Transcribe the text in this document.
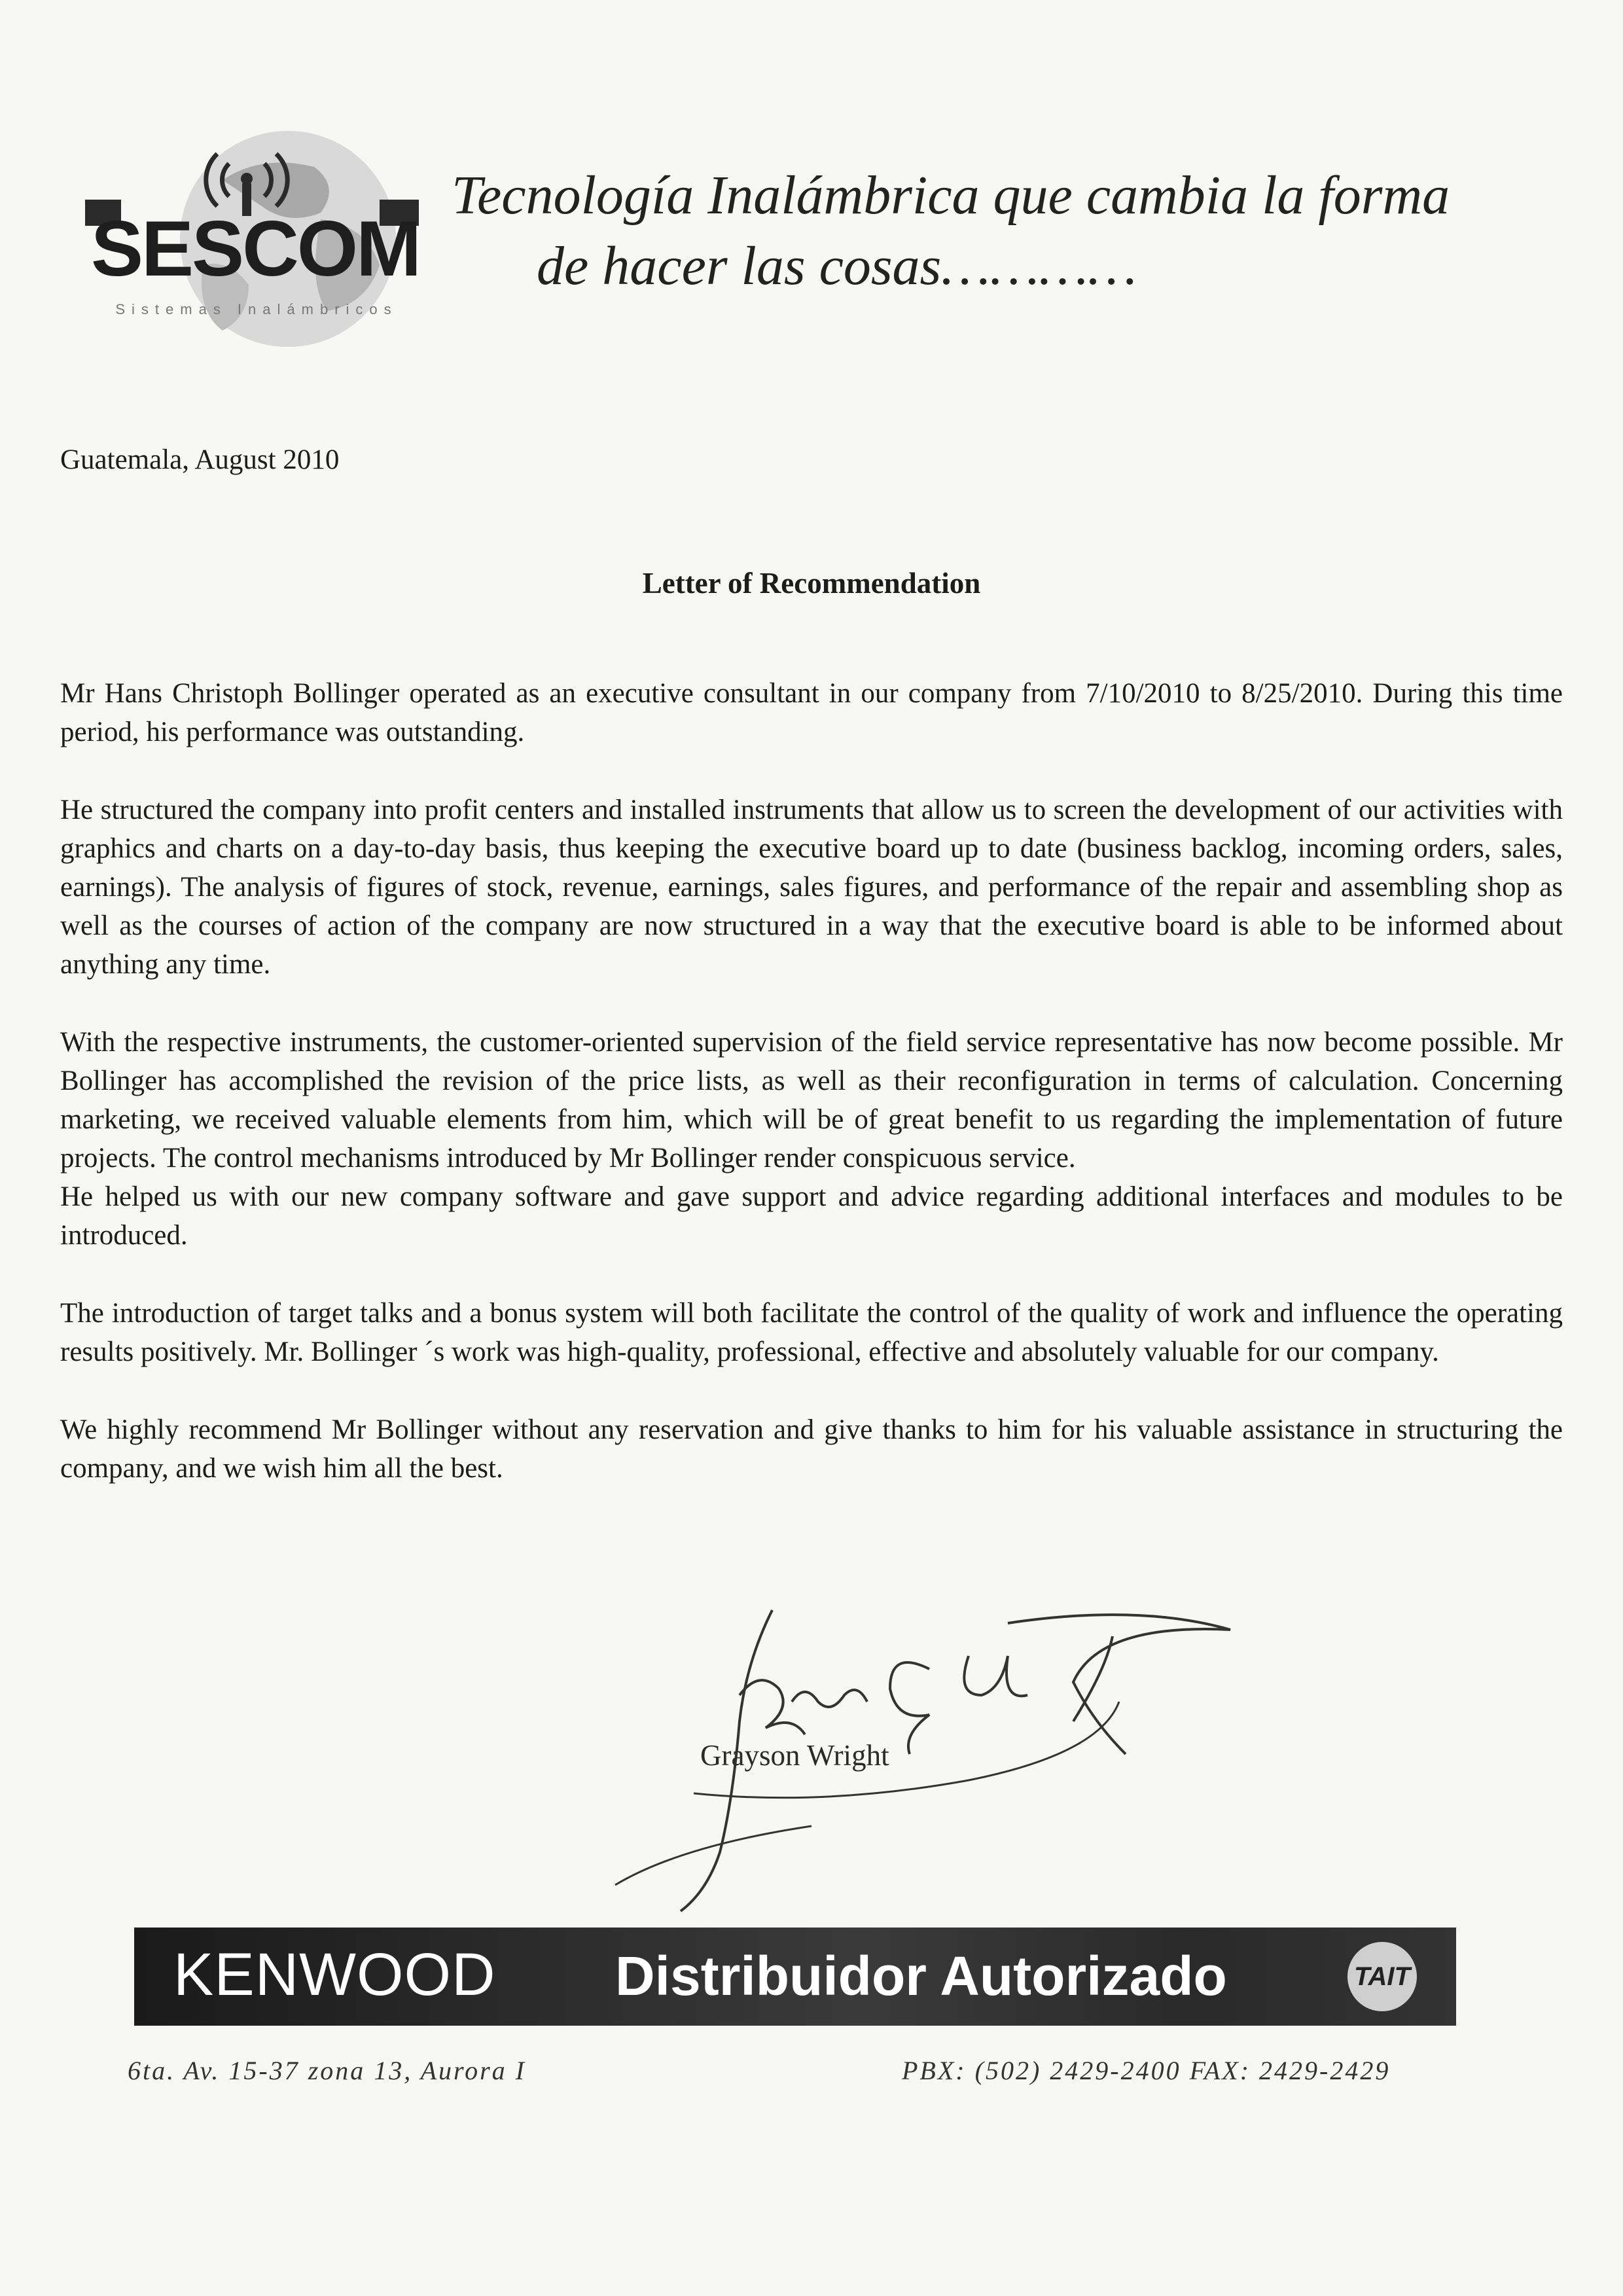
SESCOM
Sistemas Inalámbricos
Tecnología Inalámbrica que cambia la forma
de hacer las cosas…………
Guatemala, August 2010
Letter of Recommendation

Mr Hans Christoph Bollinger operated as an executive consultant in our company from 7/10/2010 to 8/25/2010. During this time period, his performance was outstanding.

He structured the company into profit centers and installed instruments that allow us to screen the development of our activities with graphics and charts on a day-to-day basis, thus keeping the executive board up to date (business backlog, incoming orders, sales, earnings). The analysis of figures of stock, revenue, earnings, sales figures, and performance of the repair and assembling shop as well as the courses of action of the company are now structured in a way that the executive board is able to be informed about anything any time.

With the respective instruments, the customer-oriented supervision of the field service representative has now become possible. Mr Bollinger has accomplished the revision of the price lists, as well as their reconfiguration in terms of calculation. Concerning marketing, we received valuable elements from him, which will be of great benefit to us regarding the implementation of future projects. The control mechanisms introduced by Mr Bollinger render conspicuous service.

He helped us with our new company software and gave support and advice regarding additional interfaces and modules to be introduced.

The introduction of target talks and a bonus system will both facilitate the control of the quality of work and influence the operating results positively. Mr. Bollinger ´s work was high-quality, professional, effective and absolutely valuable for our company.

We highly recommend Mr Bollinger without any reservation and give thanks to him for his valuable assistance in structuring the company, and we wish him all the best.

Grayson Wright
KENWOOD Distribuidor Autorizado	TAIT
6ta. Av. 15-37 zona 13, Aurora I	PBX: (502) 2429-2400 FAX: 2429-2429
